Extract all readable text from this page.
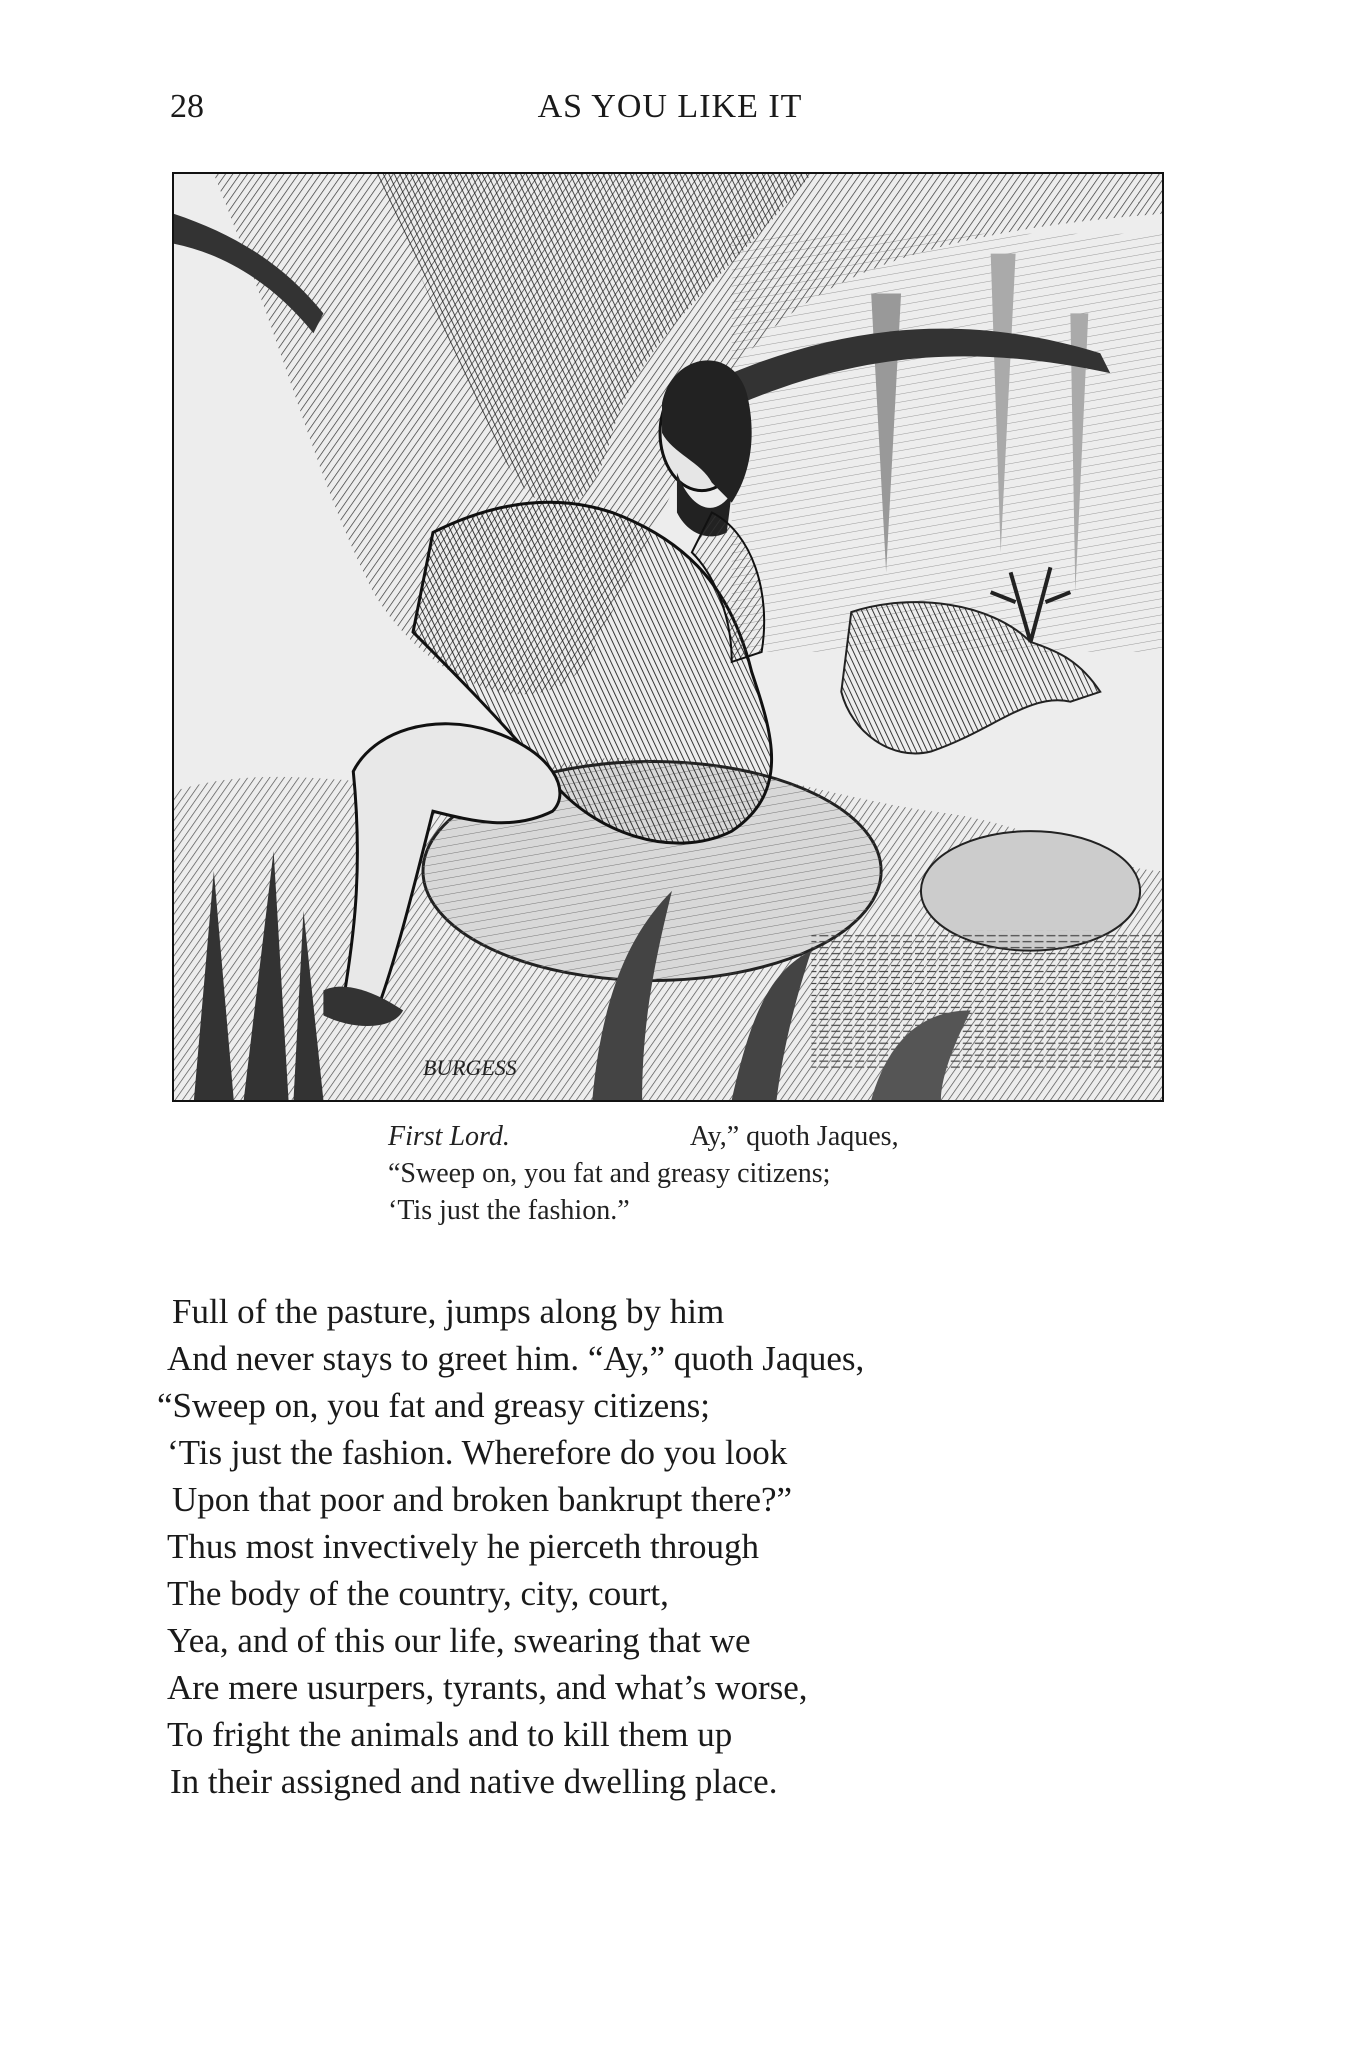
28	AS YOU LIKE IT
BURGESS
First Lord.	Ay,” quoth Jaques,
“Sweep on, you fat and greasy citizens;
‘Tis just the fashion.”
Full of the pasture, jumps along by him
And never stays to greet him. “Ay,” quoth Jaques,
“Sweep on, you fat and greasy citizens;
‘Tis just the fashion. Wherefore do you look
Upon that poor and broken bankrupt there?”
Thus most invectively he pierceth through
The body of the country, city, court,
Yea, and of this our life, swearing that we
Are mere usurpers, tyrants, and what’s worse,
To fright the animals and to kill them up
In their assigned and native dwelling place.
